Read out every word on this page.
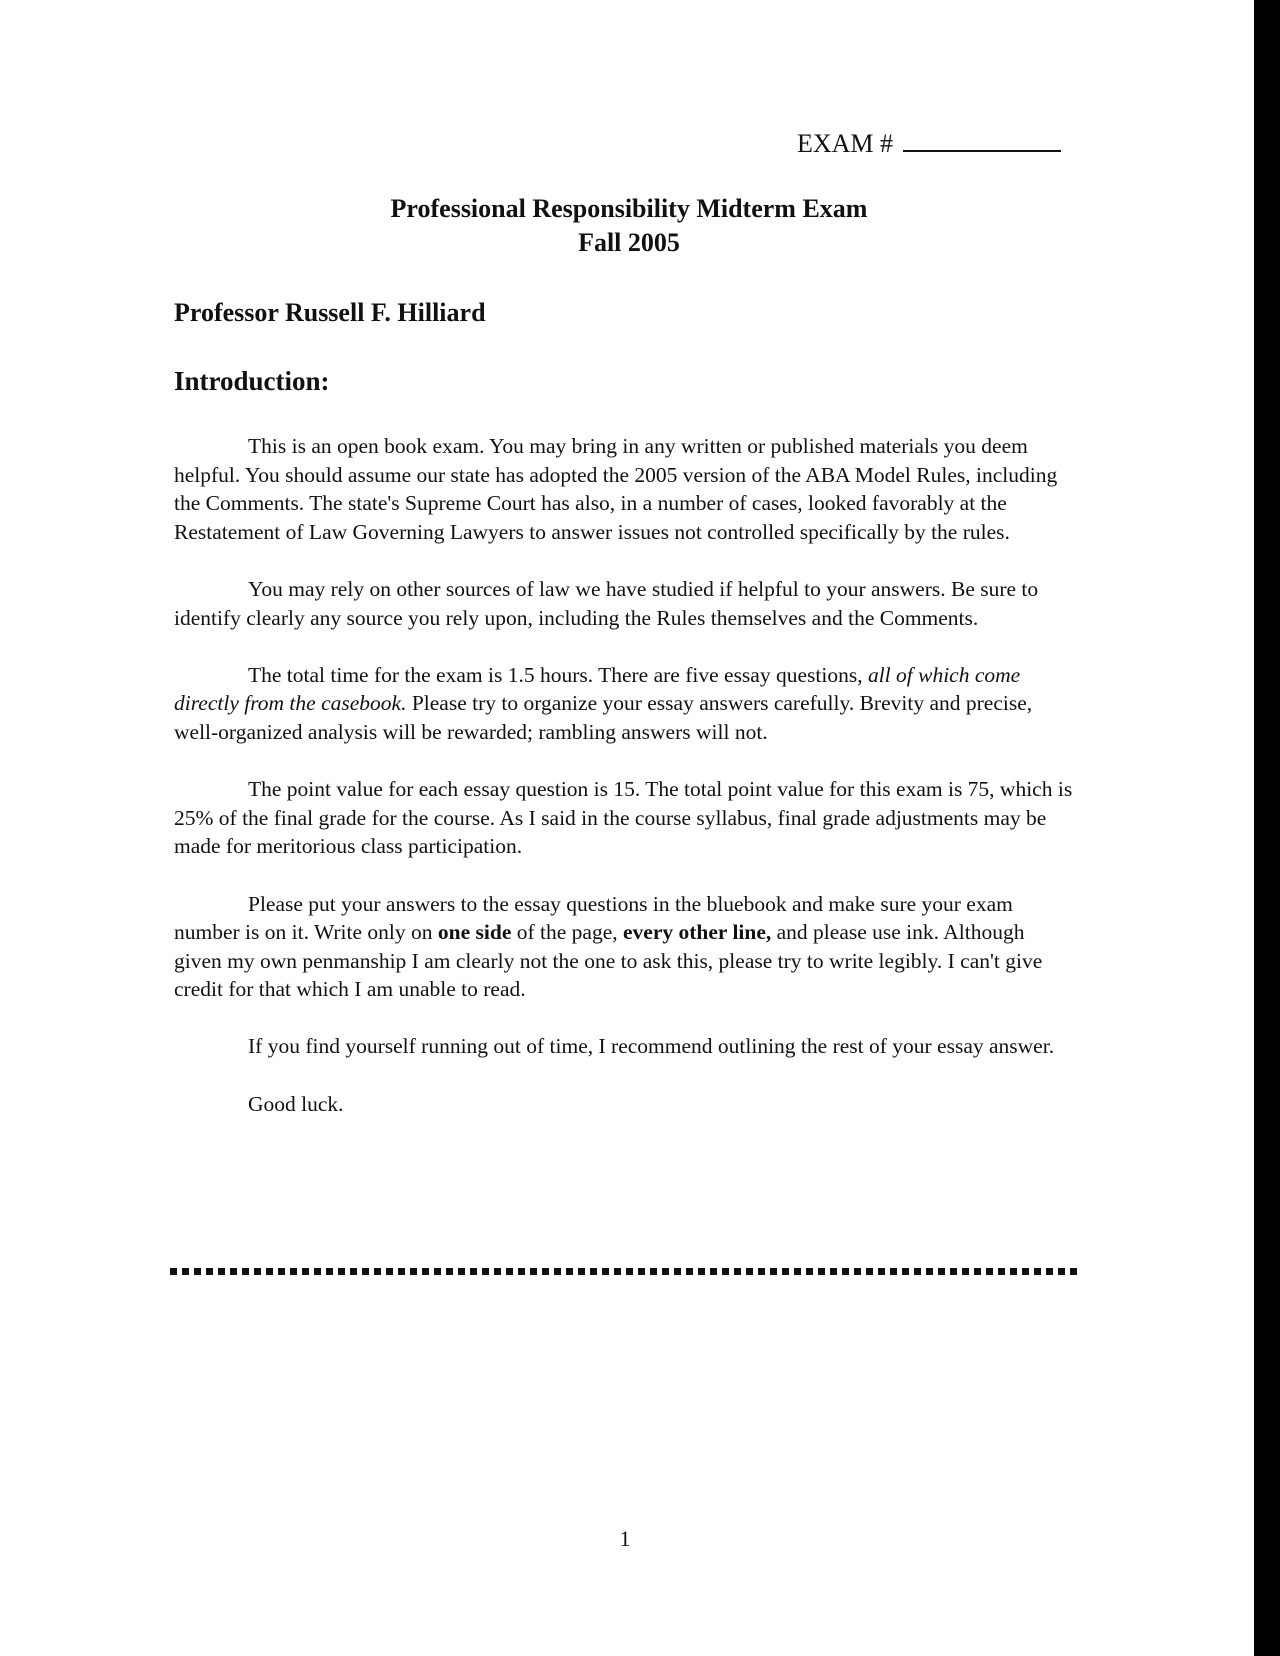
EXAM #
Professional Responsibility Midterm Exam
Fall 2005
Professor Russell F. Hilliard
Introduction:

This is an open book exam. You may bring in any written or published materials you deem helpful. You should assume our state has adopted the 2005 version of the ABA Model Rules, including the Comments. The state's Supreme Court has also, in a number of cases, looked favorably at the Restatement of Law Governing Lawyers to answer issues not controlled specifically by the rules.

You may rely on other sources of law we have studied if helpful to your answers. Be sure to identify clearly any source you rely upon, including the Rules themselves and the Comments.

The total time for the exam is 1.5 hours. There are five essay questions, all of which come directly from the casebook. Please try to organize your essay answers carefully. Brevity and precise, well-organized analysis will be rewarded; rambling answers will not.

The point value for each essay question is 15. The total point value for this exam is 75, which is 25% of the final grade for the course. As I said in the course syllabus, final grade adjustments may be made for meritorious class participation.

Please put your answers to the essay questions in the bluebook and make sure your exam number is on it. Write only on one side of the page, every other line, and please use ink. Although given my own penmanship I am clearly not the one to ask this, please try to write legibly. I can't give credit for that which I am unable to read.

If you find yourself running out of time, I recommend outlining the rest of your essay answer.

Good luck.

1
